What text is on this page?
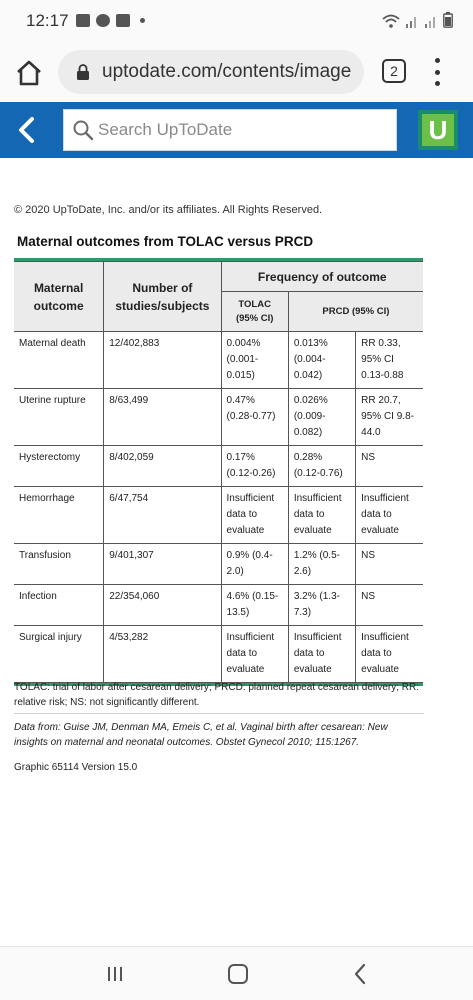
12:17
uptodate.com/contents/image	2
Search UpToDate
U
© 2020 UpToDate, Inc. and/or its affiliates. All Rights Reserved.
Maternal outcomes from TOLAC versus PRCD
Maternal outcome	Number of studies/subjects	Frequency of outcome		
		TOLAC (95% CI)	PRCD (95% CI)	
Maternal death	12/402,883	0.004% (0.001-0.015)	0.013% (0.004-0.042)	RR 0.33, 95% CI 0.13-0.88
Uterine rupture	8/63,499	0.47% (0.28-0.77)	0.026% (0.009-0.082)	RR 20.7, 95% CI 9.8-44.0
Hysterectomy	8/402,059	0.17% (0.12-0.26)	0.28% (0.12-0.76)	NS
Hemorrhage	6/47,754	Insufficient data to evaluate	Insufficient data to evaluate	Insufficient data to evaluate
Transfusion	9/401,307	0.9% (0.4-2.0)	1.2% (0.5-2.6)	NS
Infection	22/354,060	4.6% (0.15-13.5)	3.2% (1.3-7.3)	NS
Surgical injury	4/53,282	Insufficient data to evaluate	Insufficient data to evaluate	Insufficient data to evaluate
TOLAC: trial of labor after cesarean delivery; PRCD: planned repeat cesarean delivery; RR: relative risk; NS: not significantly different.
Data from: Guise JM, Denman MA, Emeis C, et al. Vaginal birth after cesarean: New insights on maternal and neonatal outcomes. Obstet Gynecol 2010; 115:1267.
Graphic 65114 Version 15.0
